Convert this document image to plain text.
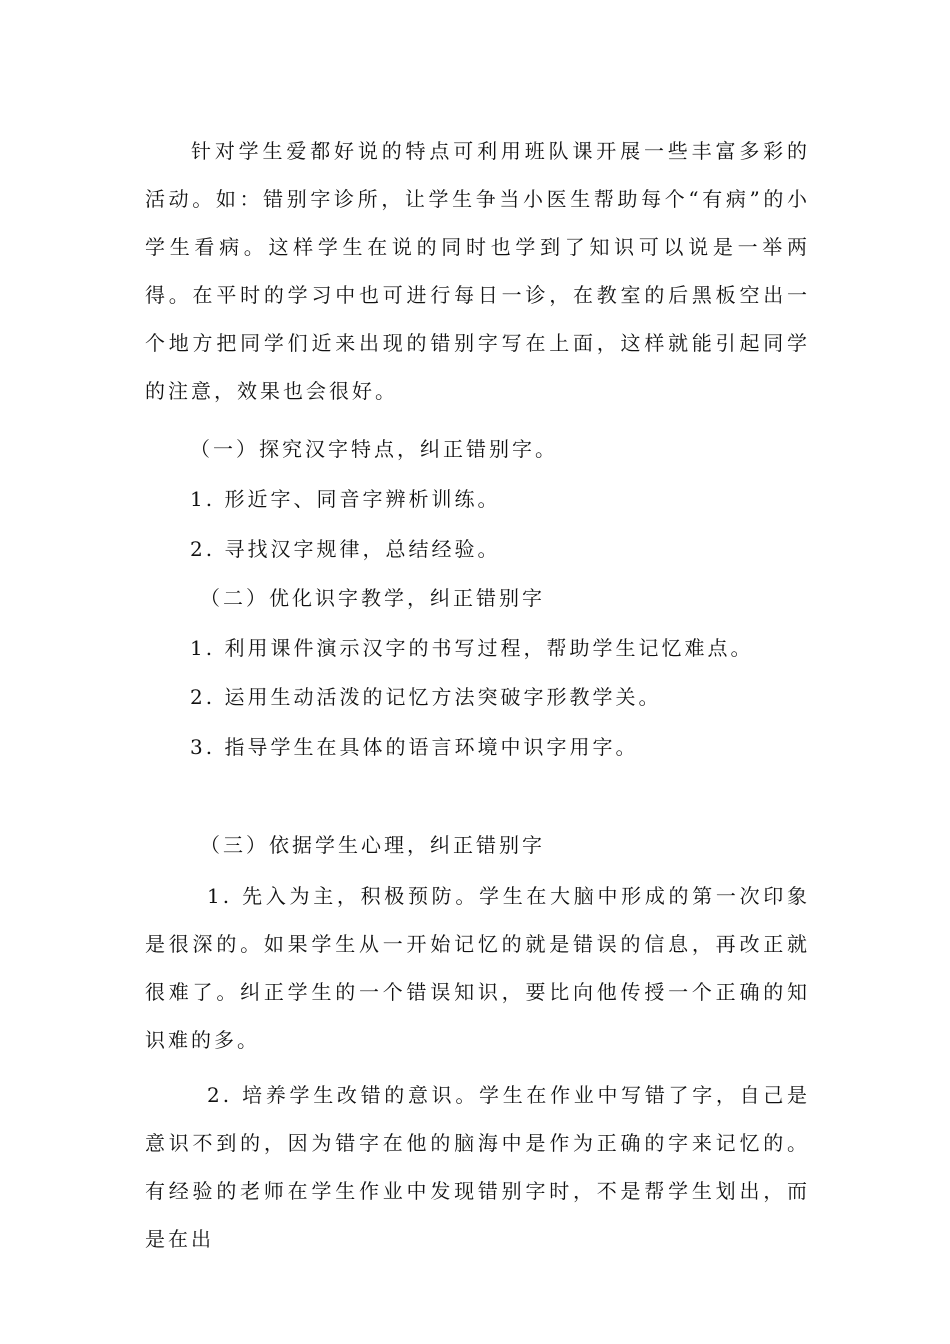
针对学生爱都好说的特点可利用班队课开展一些丰富多彩的活动。如：错别字诊所，让学生争当小医生帮助每个“有病”的小学生看病。这样学生在说的同时也学到了知识可以说是一举两得。在平时的学习中也可进行每日一诊，在教室的后黑板空出一个地方把同学们近来出现的错别字写在上面，这样就能引起同学的注意，效果也会很好。
（一）探究汉字特点，纠正错别字。
1. 形近字、同音字辨析训练。
2. 寻找汉字规律，总结经验。
（二）优化识字教学，纠正错别字
1. 利用课件演示汉字的书写过程，帮助学生记忆难点。
2. 运用生动活泼的记忆方法突破字形教学关。
3. 指导学生在具体的语言环境中识字用字。
（三）依据学生心理，纠正错别字
1. 先入为主，积极预防。学生在大脑中形成的第一次印象是很深的。如果学生从一开始记忆的就是错误的信息，再改正就很难了。纠正学生的一个错误知识，要比向他传授一个正确的知识难的多。
2. 培养学生改错的意识。学生在作业中写错了字，自己是意识不到的，因为错字在他的脑海中是作为正确的字来记忆的。有经验的老师在学生作业中发现错别字时，不是帮学生划出，而是在出
